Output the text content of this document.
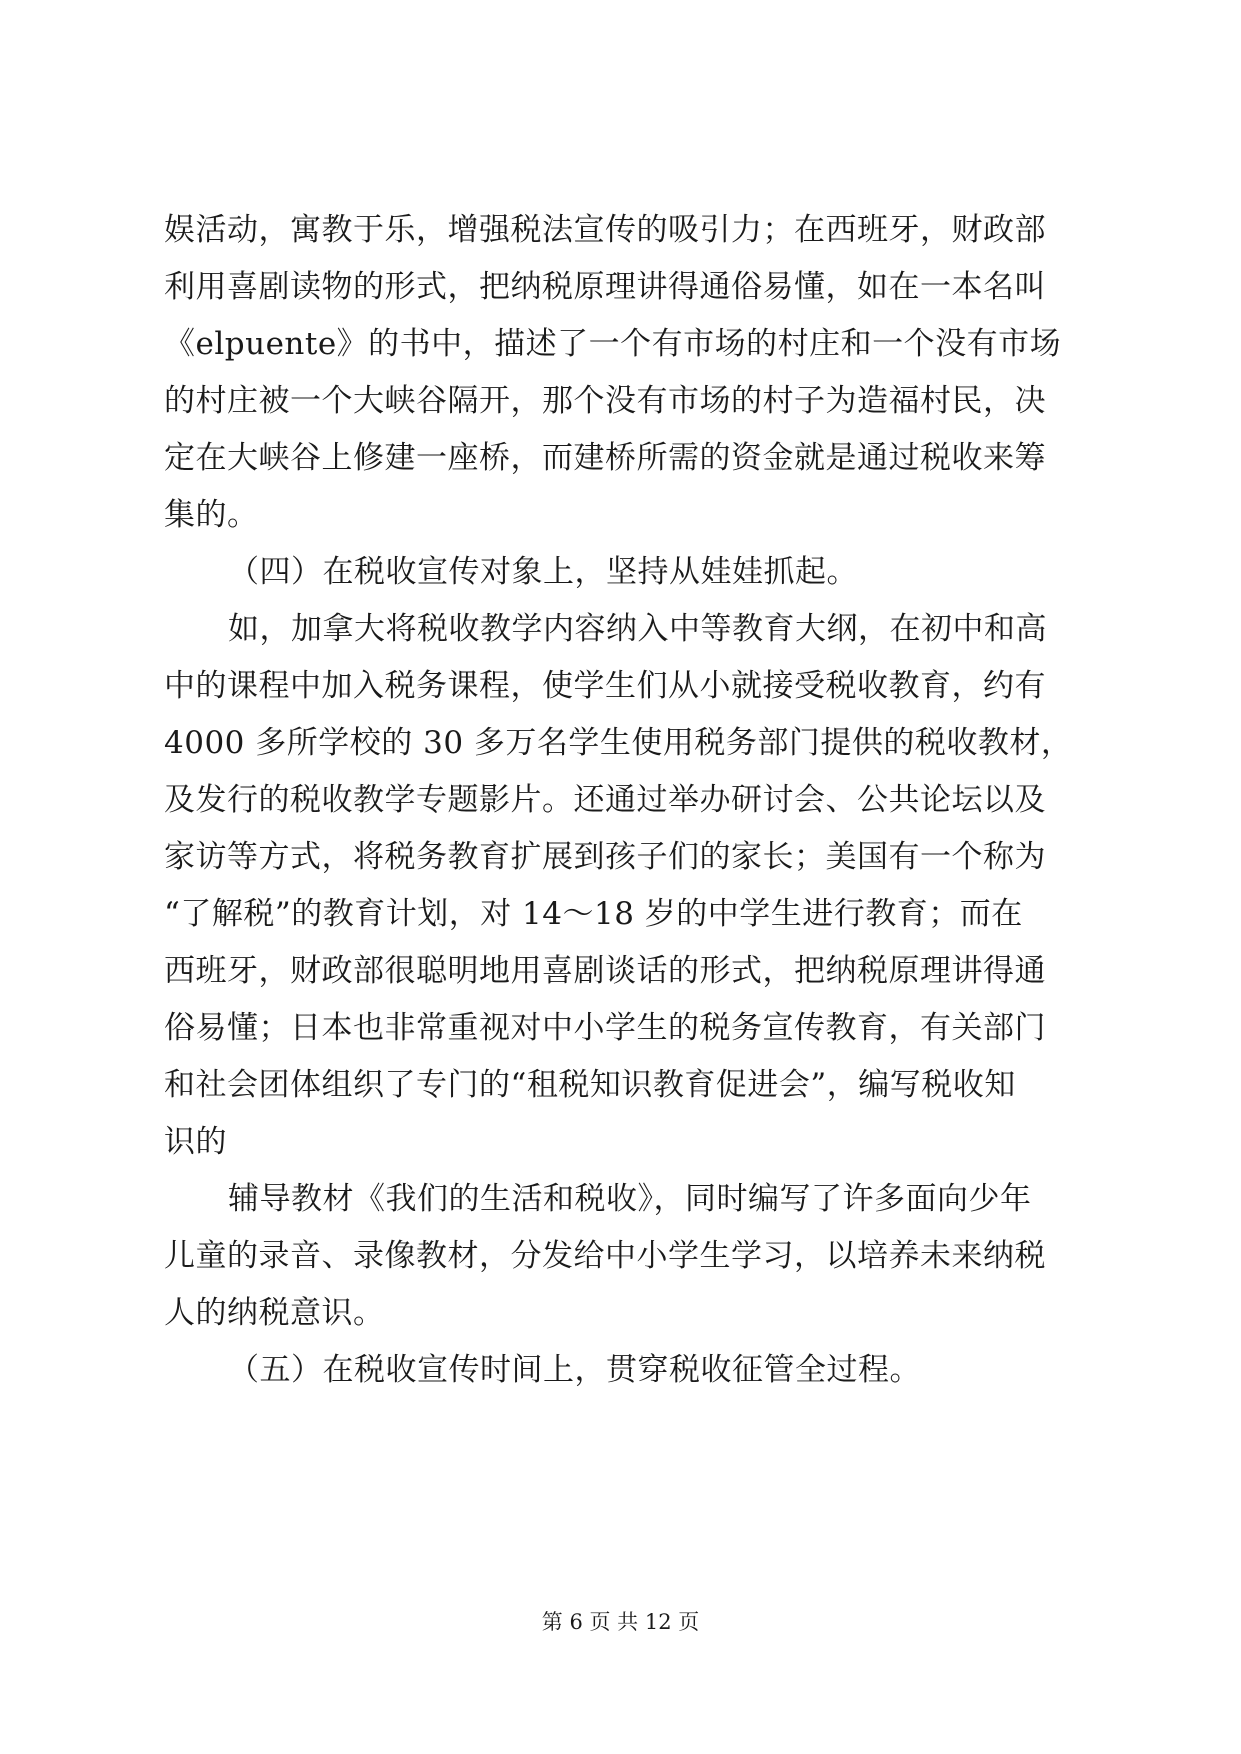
娱活动，寓教于乐，增强税法宣传的吸引力；在西班牙，财政部
利用喜剧读物的形式，把纳税原理讲得通俗易懂，如在一本名叫
《elpuente》的书中，描述了一个有市场的村庄和一个没有市场
的村庄被一个大峡谷隔开，那个没有市场的村子为造福村民，决
定在大峡谷上修建一座桥，而建桥所需的资金就是通过税收来筹
集的。
（四）在税收宣传对象上，坚持从娃娃抓起。
如，加拿大将税收教学内容纳入中等教育大纲，在初中和高
中的课程中加入税务课程，使学生们从小就接受税收教育，约有
4000 多所学校的 30 多万名学生使用税务部门提供的税收教材，
及发行的税收教学专题影片。还通过举办研讨会、公共论坛以及
家访等方式，将税务教育扩展到孩子们的家长；美国有一个称为
“了解税”的教育计划，对 14～18 岁的中学生进行教育；而在
西班牙，财政部很聪明地用喜剧谈话的形式，把纳税原理讲得通
俗易懂；日本也非常重视对中小学生的税务宣传教育，有关部门
和社会团体组织了专门的“租税知识教育促进会”，编写税收知
识的
辅导教材《我们的生活和税收》，同时编写了许多面向少年
儿童的录音、录像教材，分发给中小学生学习，以培养未来纳税
人的纳税意识。
（五）在税收宣传时间上，贯穿税收征管全过程。
第 6 页 共 12 页
